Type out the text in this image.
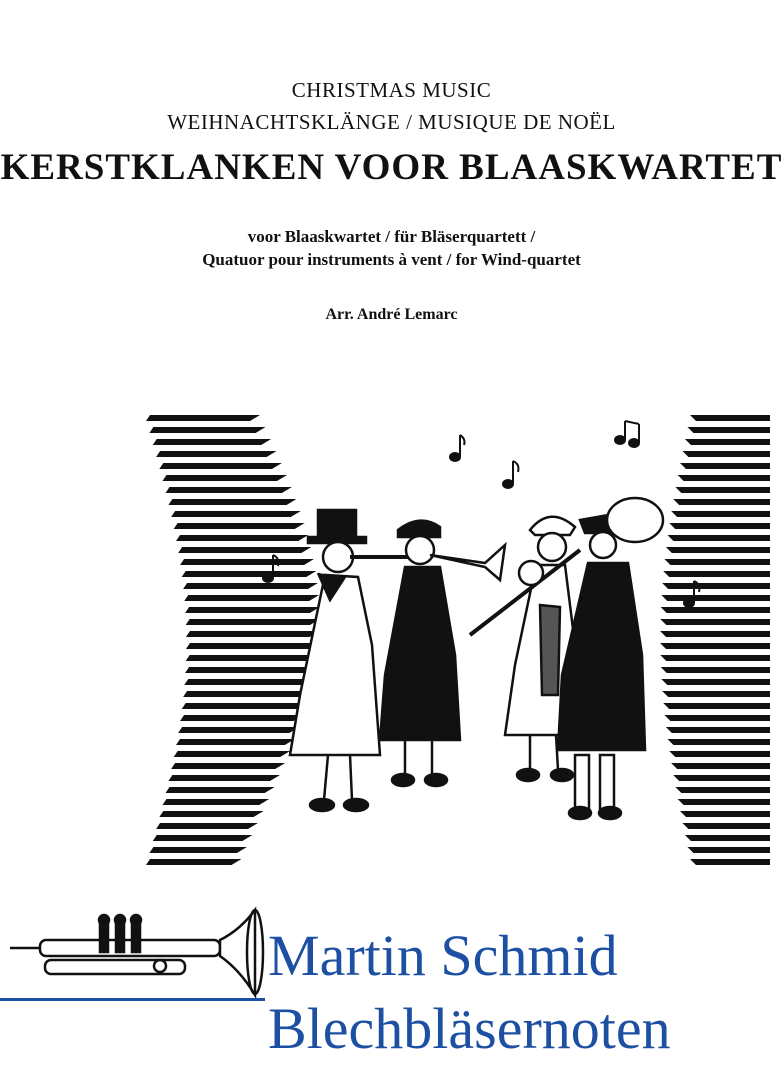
CHRISTMAS MUSIC
WEIHNACHTSKLÄNGE / MUSIQUE DE NOËL
KERSTKLANKEN VOOR BLAASKWARTET
voor Blaaskwartet / für Bläserquartett /
Quatuor pour instruments à vent / for Wind-quartet
Arr. André Lemarc
Martin Schmid
Blechbläsernoten
